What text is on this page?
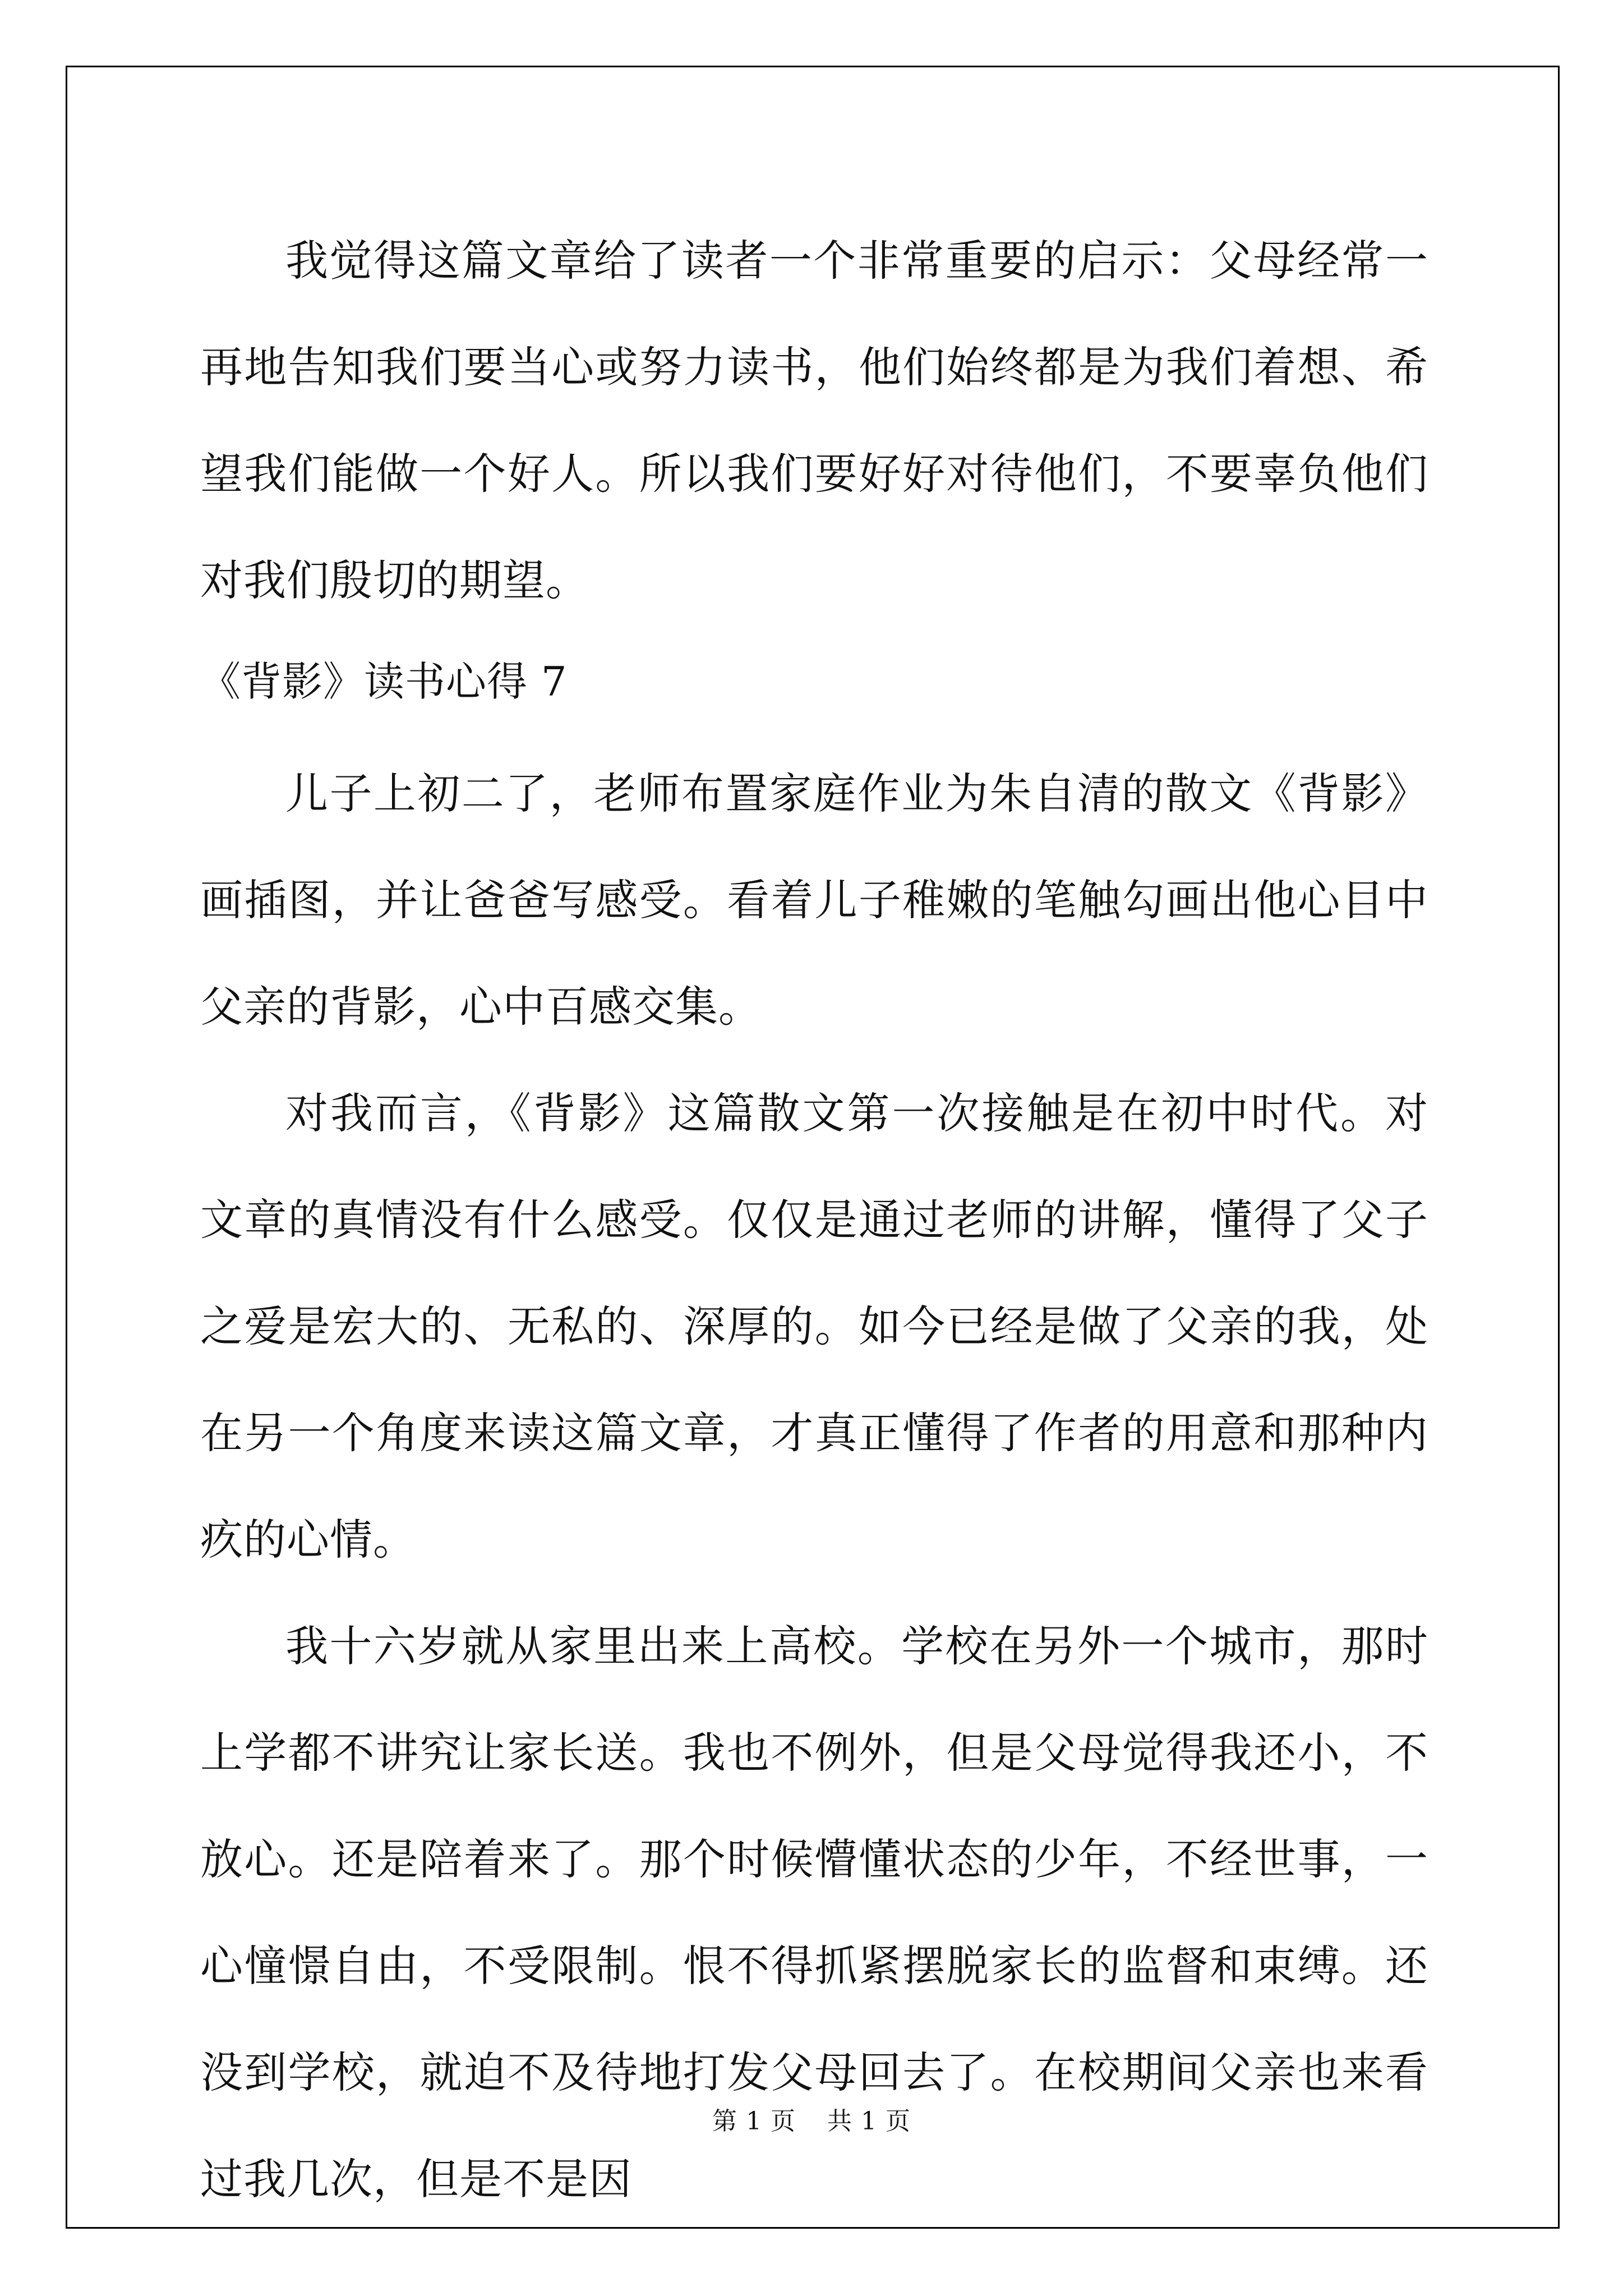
我觉得这篇文章给了读者一个非常重要的启示：父母经常一再地告知我们要当心或努力读书，他们始终都是为我们着想、希望我们能做一个好人。所以我们要好好对待他们，不要辜负他们对我们殷切的期望。

《背影》读书心得 7

儿子上初二了，老师布置家庭作业为朱自清的散文《背影》画插图，并让爸爸写感受。看着儿子稚嫩的笔触勾画出他心目中父亲的背影，心中百感交集。

对我而言，《背影》这篇散文第一次接触是在初中时代。对文章的真情没有什么感受。仅仅是通过老师的讲解，懂得了父子之爱是宏大的、无私的、深厚的。如今已经是做了父亲的我，处在另一个角度来读这篇文章，才真正懂得了作者的用意和那种内疚的心情。

我十六岁就从家里出来上高校。学校在另外一个城市，那时上学都不讲究让家长送。我也不例外，但是父母觉得我还小，不放心。还是陪着来了。那个时候懵懂状态的少年，不经世事，一心憧憬自由，不受限制。恨不得抓紧摆脱家长的监督和束缚。还没到学校，就迫不及待地打发父母回去了。在校期间父亲也来看过我几次，但是不是因

第 1 页 共 1 页
